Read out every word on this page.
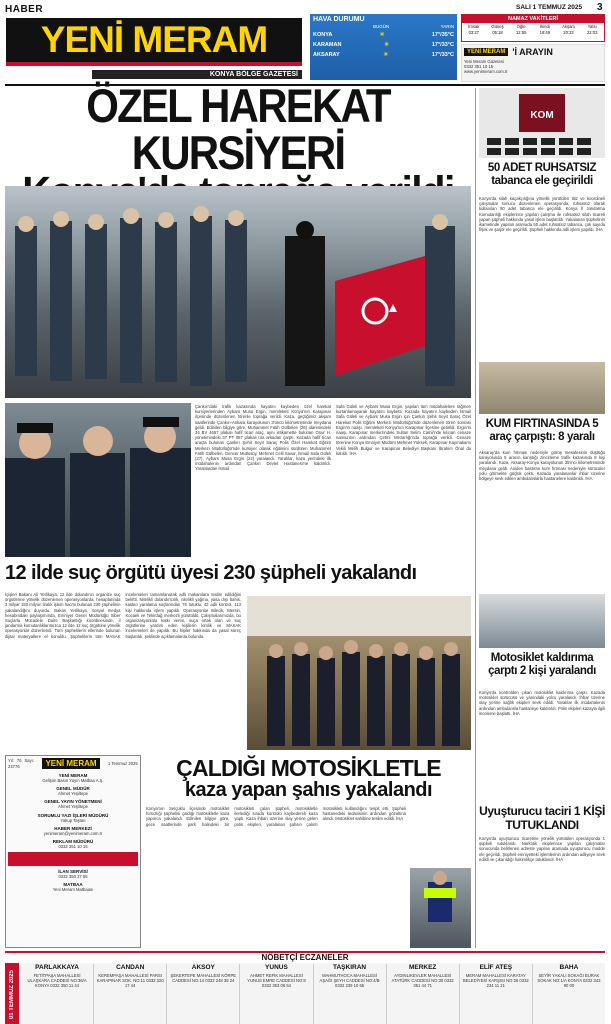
HABER
YENİ MERAM
KONYA BÖLGE GAZETESİ
HAVA DURUMU
BUGÜN	YARIN
KONYA	☀	17°/35°C
KARAMAN	☀	17°/33°C
AKSARAY	☀	17°/33°C
NAMAZ VAKİTLERİ
İmsak	Güneş	Öğle	İkindi	Akşam	Yatsı
03:27	05:18	12:55	16:49	20:22	22:03
YENİ MERAM 'İ ARAYIN
Yeni Meram Gazetesi
0332 351 10 15
www.yenimeram.com.tr
SALI 1 TEMMUZ 2025 3
ÖZEL HAREKAT KURSİYERİ
Çankırı'daki trafik kazasında hayatını kaybeden özel harekat kursiyerlerinden Aybars Musa Ergin, memleketi Konya'nın Karapınar ilçesinde düzenlenen törenle toprağa verildi. Kaza, geçtiğimiz akşam saatlerinde Çankırı-Ankara karayolunun 3'üncü kilometresinde meydana geldi. Edinilen bilgiye göre, Muhammet Fatih Gülbelen (26) idaresindeki 34 BV 4657 plakalı hafif ticari araç, aynı istikamette bulunan Onur H. yönetimindeki 37 PT 057 plakalı tıra arkadan çarptı. Kazada hafif ticari araçta bulunan Çankırı Şehit Seyit Saraç Polis Özel Harekat Eğitim Merkezi Müdürlüğü'nde kursiyer olarak eğitimini sürdüren Muhammet Fatih Gülbelen, Gencer Mutlusoy, Mehmet Celil Savar, İsmail Safa Güleli (27), Aybars Musa Ergin (22) yaralandı. Yaralılar, kaza yerindeki ilk müdahalenin ardından Çankırı Devlet Hastanesi'ne kaldırıldı. Yaralılardan İsmail
Safa Güleli ve Aybars Musa Ergin, yapılan tüm müdahalelere rağmen kurtarılamayarak hayatını kaybetti. Kazada hayatını kaybeden İsmail Safa Güleli ve Aybars Musa Ergin için Çankırı Şehit Seyit Saraç Özel Harekat Polis Eğitim Merkezi Müdürlüğü'nde düzenlenen tören sonrası Ergin'in naaşı, memleketi Konya'nın Karapınar ilçesine getirildi. Ergin'in naaşı, Karapınar merkezindeki Sultan Selim Camii'nde kılınan cenaze namazının ardından Çetmi Mezarlığı'nda toprağa verildi. Cenaze törenine Konya Emniyet Müdürü Mehmet Yüksek, Karapınar Kaymakamı Vekili Melih Bulgur ve Karapınar Belediye Başkanı İbrahim Önal da katıldı. İHA
12 ilde suç örgütü üyesi 230 şüpheli yakalandı
İçişleri Bakanı Ali Yerlikaya, 12 ilde dolandırıcı organize suç örgütlerine yönelik düzenlenen operasyonlarda, hesaplarında 3 milyar 150 milyon liralık işlem hacmi bulunan 230 şüphelinin yakalandığını duyurdu. Bakan Yerlikaya, sosyal medya hesabındaki paylaşımında, Emniyet Genel Müdürlüğü Siber Suçlarla Mücadele Daire Başkanlığı koordinesinde, il jandarma komutanlıklarımızca 12 ilde 12 suç örgütüne yönelik operasyonlar düzenlendi. Tüm şüphelilerin ellerinde bulunan dijital materyallere el konuldu. Şüphelilerin tüm MASAK incelemeleri tamamlanarak adli makamlara teslim edildiğini belirtti. Nitelikli dolandırıcılık, nitelikli yağma, yasa dışı bahis, kasten yaralama suçlarından 75 tutuklu, 42 adli kontrol, 113 kişi hakkında işlem yapıldı. Operasyonlar Bilecik, Mersin, Kocaeli ve Tekirdağ merkezli yürütüldü. Çalışmalarımızda, bu organizasyonlara katkı veren, suça ortak olan ve suç örgütlerine yardım eden kişilerin kimlik ve MASAK incelemeleri de yapıldı. Bu kişiler hakkında da yasal süreç başlatıldı, şeklinde açıklamalarda bulundu.
KOM
50 ADET RUHSATSIZ tabanca ele geçirildi
Konya'da silah kaçakçılığına yönelik yürütülen titiz ve koordineli çalışmalar sonucu düzenlenen operasyonda, ruhsatsız olarak kullanılan 50 adet tabanca ele geçirildi. Konya İl Jandarma Komutanlığı ekiplerince yapılan çalışma ile ruhsatsız silah ticareti yapan şüpheli hakkında yasal işlem başlatıldı. Yakalanan şüphelinin ikametinde yapılan aramada 50 adet ruhsatsız tabanca, çok sayıda fişek ve şarjör ele geçirildi. Şüpheli hakkında adli işlem yapıldı. İHA
KUM FIRTINASINDA 5 araç çarpıştı: 8 yaralı
Aksaray'da kum fırtınası nedeniyle görüş mesafesinin düştüğü karayolunda 5 aracın karıştığı zincirleme trafik kazasında 8 kişi yaralandı. Kaza, Aksaray-Konya karayolunun 35'inci kilometresinde meydana geldi. Aniden bastıran kum fırtınası nedeniyle sürücüler yolu görmekte güçlük çekti. Kazada yaralananlar ihbar üzerine bölgeye sevk edilen ambulanslarla hastanelere kaldırıldı. İHA
Motosiklet kaldırıma çarptı 2 kişi yaralandı
Konya'da kontrolden çıkan motosiklet kaldırıma çarptı. Kazada motosiklet sürücüsü ve yanındaki yolcu yaralandı. İhbar üzerine olay yerine sağlık ekipleri sevk edildi. Yaralılar ilk müdahalenin ardından ambulansla hastaneye kaldırıldı. Polis ekipleri kazayla ilgili inceleme başlattı. İHA
Uyuşturucu taciri 1 KİŞİ TUTUKLANDI
Konya'da uyuşturucu ticaretine yönelik yürütülen operasyonda 1 şüpheli tutuklandı. Narkotik ekiplerince yapılan çalışmalar sonucunda belirlenen adreste yapılan aramada uyuşturucu madde ele geçirildi. Şüpheli emniyetteki işlemlerinin ardından adliyeye sevk edildi ve çıkarıldığı hakimlikçe tutuklandı. İHA
Yıl: 76 Sayı: 24776	YENİ MERAM	1 Temmuz 2025
YENİ MERAM
Gelişim Basın Yayın Matbaa A.Ş.
GENEL MÜDÜR
Ahmet Yeşiltepe
GENEL YAYIN YÖNETMENİ
Ahmet Yeşiltepe
SORUMLU YAZI İŞLERİ MÜDÜRÜ
Yakup Taştan
HABER MERKEZİ
yenimeram@yenimeram.com.tr
REKLAM MÜDÜRÜ
0332 351 10 15
İLAN SERVİSİ
0332 350 27 55
MATBAA
Yeni Meram Matbaası
ÇALDIĞI MOTOSİKLETLE
kaza yapan şahıs yakalandı
Konya'nın Selçuklu ilçesinde motosiklet hırsızlığı şüphelisi çaldığı motosikletle kaza yapınca yakalandı. Edinilen bilgiye göre, gece saatlerinde park halindeki bir motosikleti çalan şüpheli, motosikletle ilerlediği sırada kontrolü kaybederek kaza yaptı. Kaza ihbarı üzerine olay yerine gelen polis ekipleri, yaralanan şahsın çalıntı motosikleti kullandığını tespit etti. Şüpheli hastanedeki tedavisinin ardından gözaltına alındı. Motosiklet sahibine teslim edildi. İHA
NÖBETÇİ ECZANELER
01 TEMMUZ 2025
PARLAKKAYA
FETİTPAŞA MAHALLESİ ULAŞKARA CADDESİ NO:36/A KONYA 0332 350 11 44
CANDAN
KEREMPAŞA MAHALLESİ PARSI KARAPINAR SOK. NO:11 0332 320 17 44
AKSOY
ŞEKERTEPE MAHALLESİ KÖRPE CADDESİ NO:14 0332 248 38 24
YUNUS
AHMET REFİK MAHALLESİ YUNUS EMRE CADDESİ NO:8 0332 353 06 54
TAŞKIRAN
MAHMUTHOCA MAHALLESİ AŞAĞI ŞEYH CADDESİ NO:4/B 0332 239 10 65
MERKEZ
AYDINLIKEVLER MAHALLESİ ATATÜRK CADDESİ NO:30 0332 351 44 71
ELİF ATEŞ
MERAM MAHALLESİ KARATAY BELEDİYESİ KARŞISI NO:26 0332 234 11 21
BAHA
SEYİR YAKALI SOKAĞI BURAK SOKAK NO:1/A KONYA 0332 343 90 00
